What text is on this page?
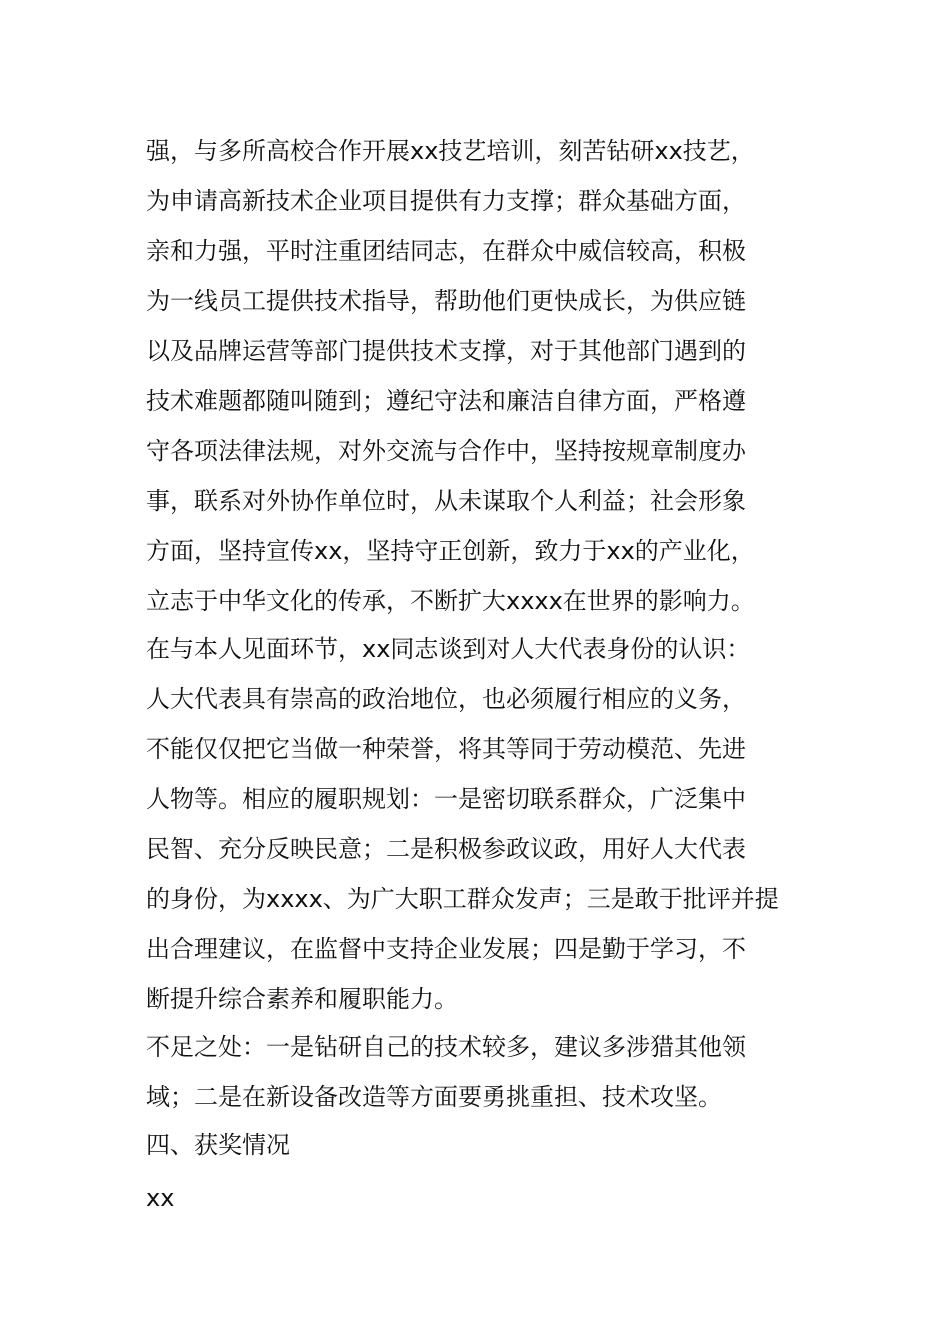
强，与多所高校合作开展xx技艺培训，刻苦钻研xx技艺，
为申请高新技术企业项目提供有力支撑；群众基础方面，
亲和力强，平时注重团结同志，在群众中威信较高，积极
为一线员工提供技术指导，帮助他们更快成长，为供应链
以及品牌运营等部门提供技术支撑，对于其他部门遇到的
技术难题都随叫随到；遵纪守法和廉洁自律方面，严格遵
守各项法律法规，对外交流与合作中，坚持按规章制度办
事，联系对外协作单位时，从未谋取个人利益；社会形象
方面，坚持宣传xx，坚持守正创新，致力于xx的产业化，
立志于中华文化的传承，不断扩大xxxx在世界的影响力。
在与本人见面环节，xx同志谈到对人大代表身份的认识：
人大代表具有崇高的政治地位，也必须履行相应的义务，
不能仅仅把它当做一种荣誉，将其等同于劳动模范、先进
人物等。相应的履职规划：一是密切联系群众，广泛集中
民智、充分反映民意；二是积极参政议政，用好人大代表
的身份，为xxxx、为广大职工群众发声；三是敢于批评并提
出合理建议，在监督中支持企业发展；四是勤于学习，不
断提升综合素养和履职能力。
不足之处：一是钻研自己的技术较多，建议多涉猎其他领
域；二是在新设备改造等方面要勇挑重担、技术攻坚。
四、获奖情况
xx
